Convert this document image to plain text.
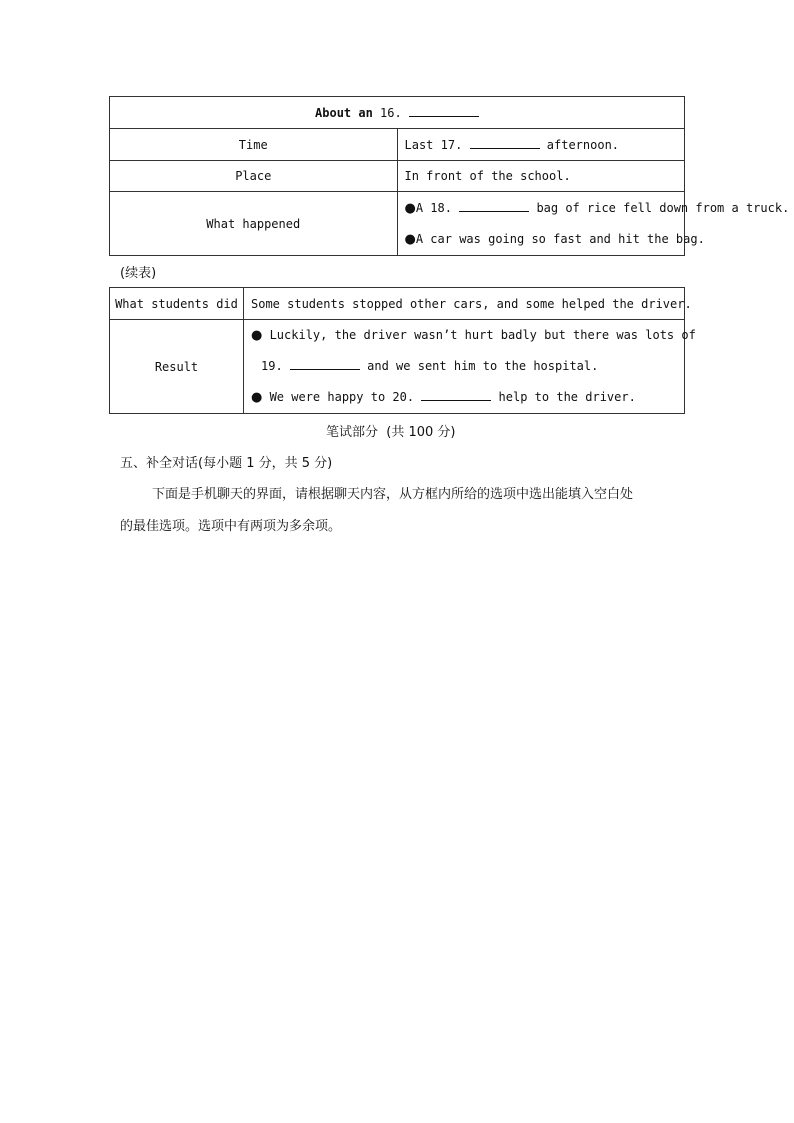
About an 16.	
Time	Last 17. afternoon.
Place	In front of the school.
What happened	●A 18. bag of rice fell down from a truck.
●A car was going so fast and hit the bag.
(续表)
What students did	Some students stopped other cars, and some helped the driver.
Result	● Luckily, the driver wasn’t hurt badly but there was lots of
19. and we sent him to the hospital.
● We were happy to 20. help to the driver.
笔试部分  (共 100 分)
五、补全对话(每小题 1 分，共 5 分)
下面是手机聊天的界面，请根据聊天内容，从方框内所给的选项中选出能填入空白处
的最佳选项。选项中有两项为多余项。
